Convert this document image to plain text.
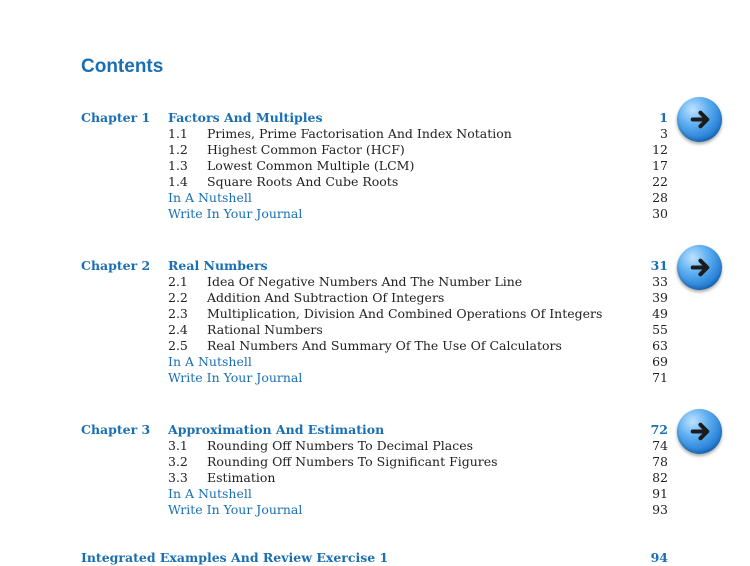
Contents
Chapter 1 Factors And Multiples	1
1.1 Primes, Prime Factorisation And Index Notation	3
1.2 Highest Common Factor (HCF)	12
1.3 Lowest Common Multiple (LCM)	17
1.4 Square Roots And Cube Roots	22
In A Nutshell	28
Write In Your Journal	30
Chapter 2 Real Numbers	31
2.1 Idea Of Negative Numbers And The Number Line	33
2.2 Addition And Subtraction Of Integers	39
2.3 Multiplication, Division And Combined Operations Of Integers	49
2.4 Rational Numbers	55
2.5 Real Numbers And Summary Of The Use Of Calculators	63
In A Nutshell	69
Write In Your Journal	71
Chapter 3 Approximation And Estimation	72
3.1 Rounding Off Numbers To Decimal Places	74
3.2 Rounding Off Numbers To Significant Figures	78
3.3 Estimation	82
In A Nutshell	91
Write In Your Journal	93
Integrated Examples And Review Exercise 1	94
